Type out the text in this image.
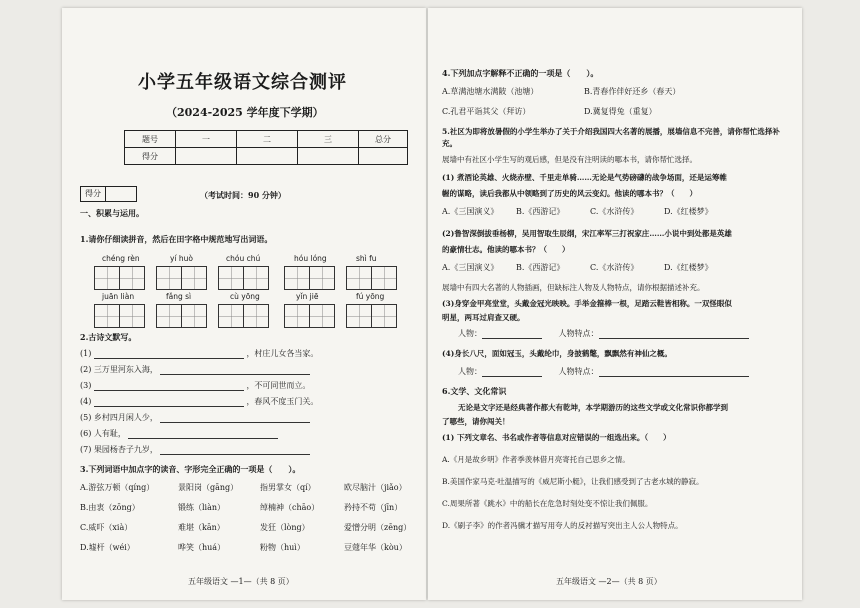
小学五年级语文综合测评
（2024-2025 学年度下学期）
题号	一	二	三	总分
得分				
得分	（考试时间：90 分钟）
一、积累与运用。
1.请你仔细读拼音，然后在田字格中规范地写出词语。
chéng rèn	yí huò	chóu chú	hóu lóng	shì fu
juān liàn	fǎng sì	cù yōng	yǐn jiē	fú yōng
2.古诗文默写。
(1)	，村庄儿女各当家。
(2) 三万里河东入海，
(3)	，不可同世而立。
(4)	，春风不度玉门关。
(5) 乡村四月闲人少，
(6) 人有耻，
(7) 果园杨杏子九岁，
3.下列词语中加点字的读音、字形完全正确的一项是（　　）。
A.游弦万顿（qíng）	景阳岗（gāng）	指男掌女（qí）	欧尽脑汁（jiǎo）
B.由衷（zōng）	锻练（liàn）	绰楠神（chāo）	矜持不苟（jīn）
C.威吓（xià）	难堪（kān）	发狂（lòng）	爱憎分明（zēng）
D.墟杆（wéi）	哗笑（huá）	粉物（huì）	豆蔻年华（kòu）
五年级语文 —1—（共 8 页）
4.下列加点字解释不正确的一项是（　　）。
A.草满池塘水满陂（池塘）	B.青春作伴好还乡（春天）
C.孔君平诣其父（拜访）	D.冀复得兔（重复）
5.社区为即将放暑假的小学生举办了关于介绍我国四大名著的展播，展墙信息不完善，请你帮忙选择补充。
展墙中有社区小学生写的观后感，但是没有注明读的哪本书，请你帮忙选择。
(1) 煮酒论英雄、火烧赤壁、千里走单骑……无论是气势磅礴的战争场面，还是运筹帷
幄的谋略，读后我都从中领略到了历史的风云变幻。他读的哪本书？（　　）
A.《三国演义》 B.《西游记》	C.《水浒传》	D.《红楼梦》
(2)鲁智深倒拔垂杨柳，吴用智取生辰纲，宋江率军三打祝家庄……小说中到处都是英雄
的豪情壮志。他读的哪本书？（　　）
A.《三国演义》 B.《西游记》	C.《水浒传》	D.《红楼梦》
展墙中有四大名著的人物插画，但缺标注人物及人物特点，请你根据描述补充。
(3)身穿金甲亮堂堂，头戴金冠光映映。手举金箍棒一根，足踏云鞋皆相称。一双怪眼似
明星，两耳过肩查又硬。
人物：	人物特点：
(4)身长八尺，面如冠玉，头戴纶巾，身披鹤氅，飘飘然有神仙之概。
人物：	人物特点：
6.文学、文化常识
无论是文字还是经典著作都大有乾坤，本学期游历的这些文学或文化常识你都学到
了哪些，请你闯关！
(1) 下列文章名、书名或作者等信息对应错误的一组选出来。（　　）
A.《月是故乡明》作者季羡林借月亮寄托自己思乡之情。
B.美国作家马克·吐温描写的《威尼斯小艇》，让我们感受到了古老水城的静寂。
C.周果所著《跳水》中的船长在危急时刻处变不惊让我们佩服。
D.《刷子李》的作者冯骥才描写用夸人的反衬描写突出主人公人物特点。
五年级语文 —2—（共 8 页）
